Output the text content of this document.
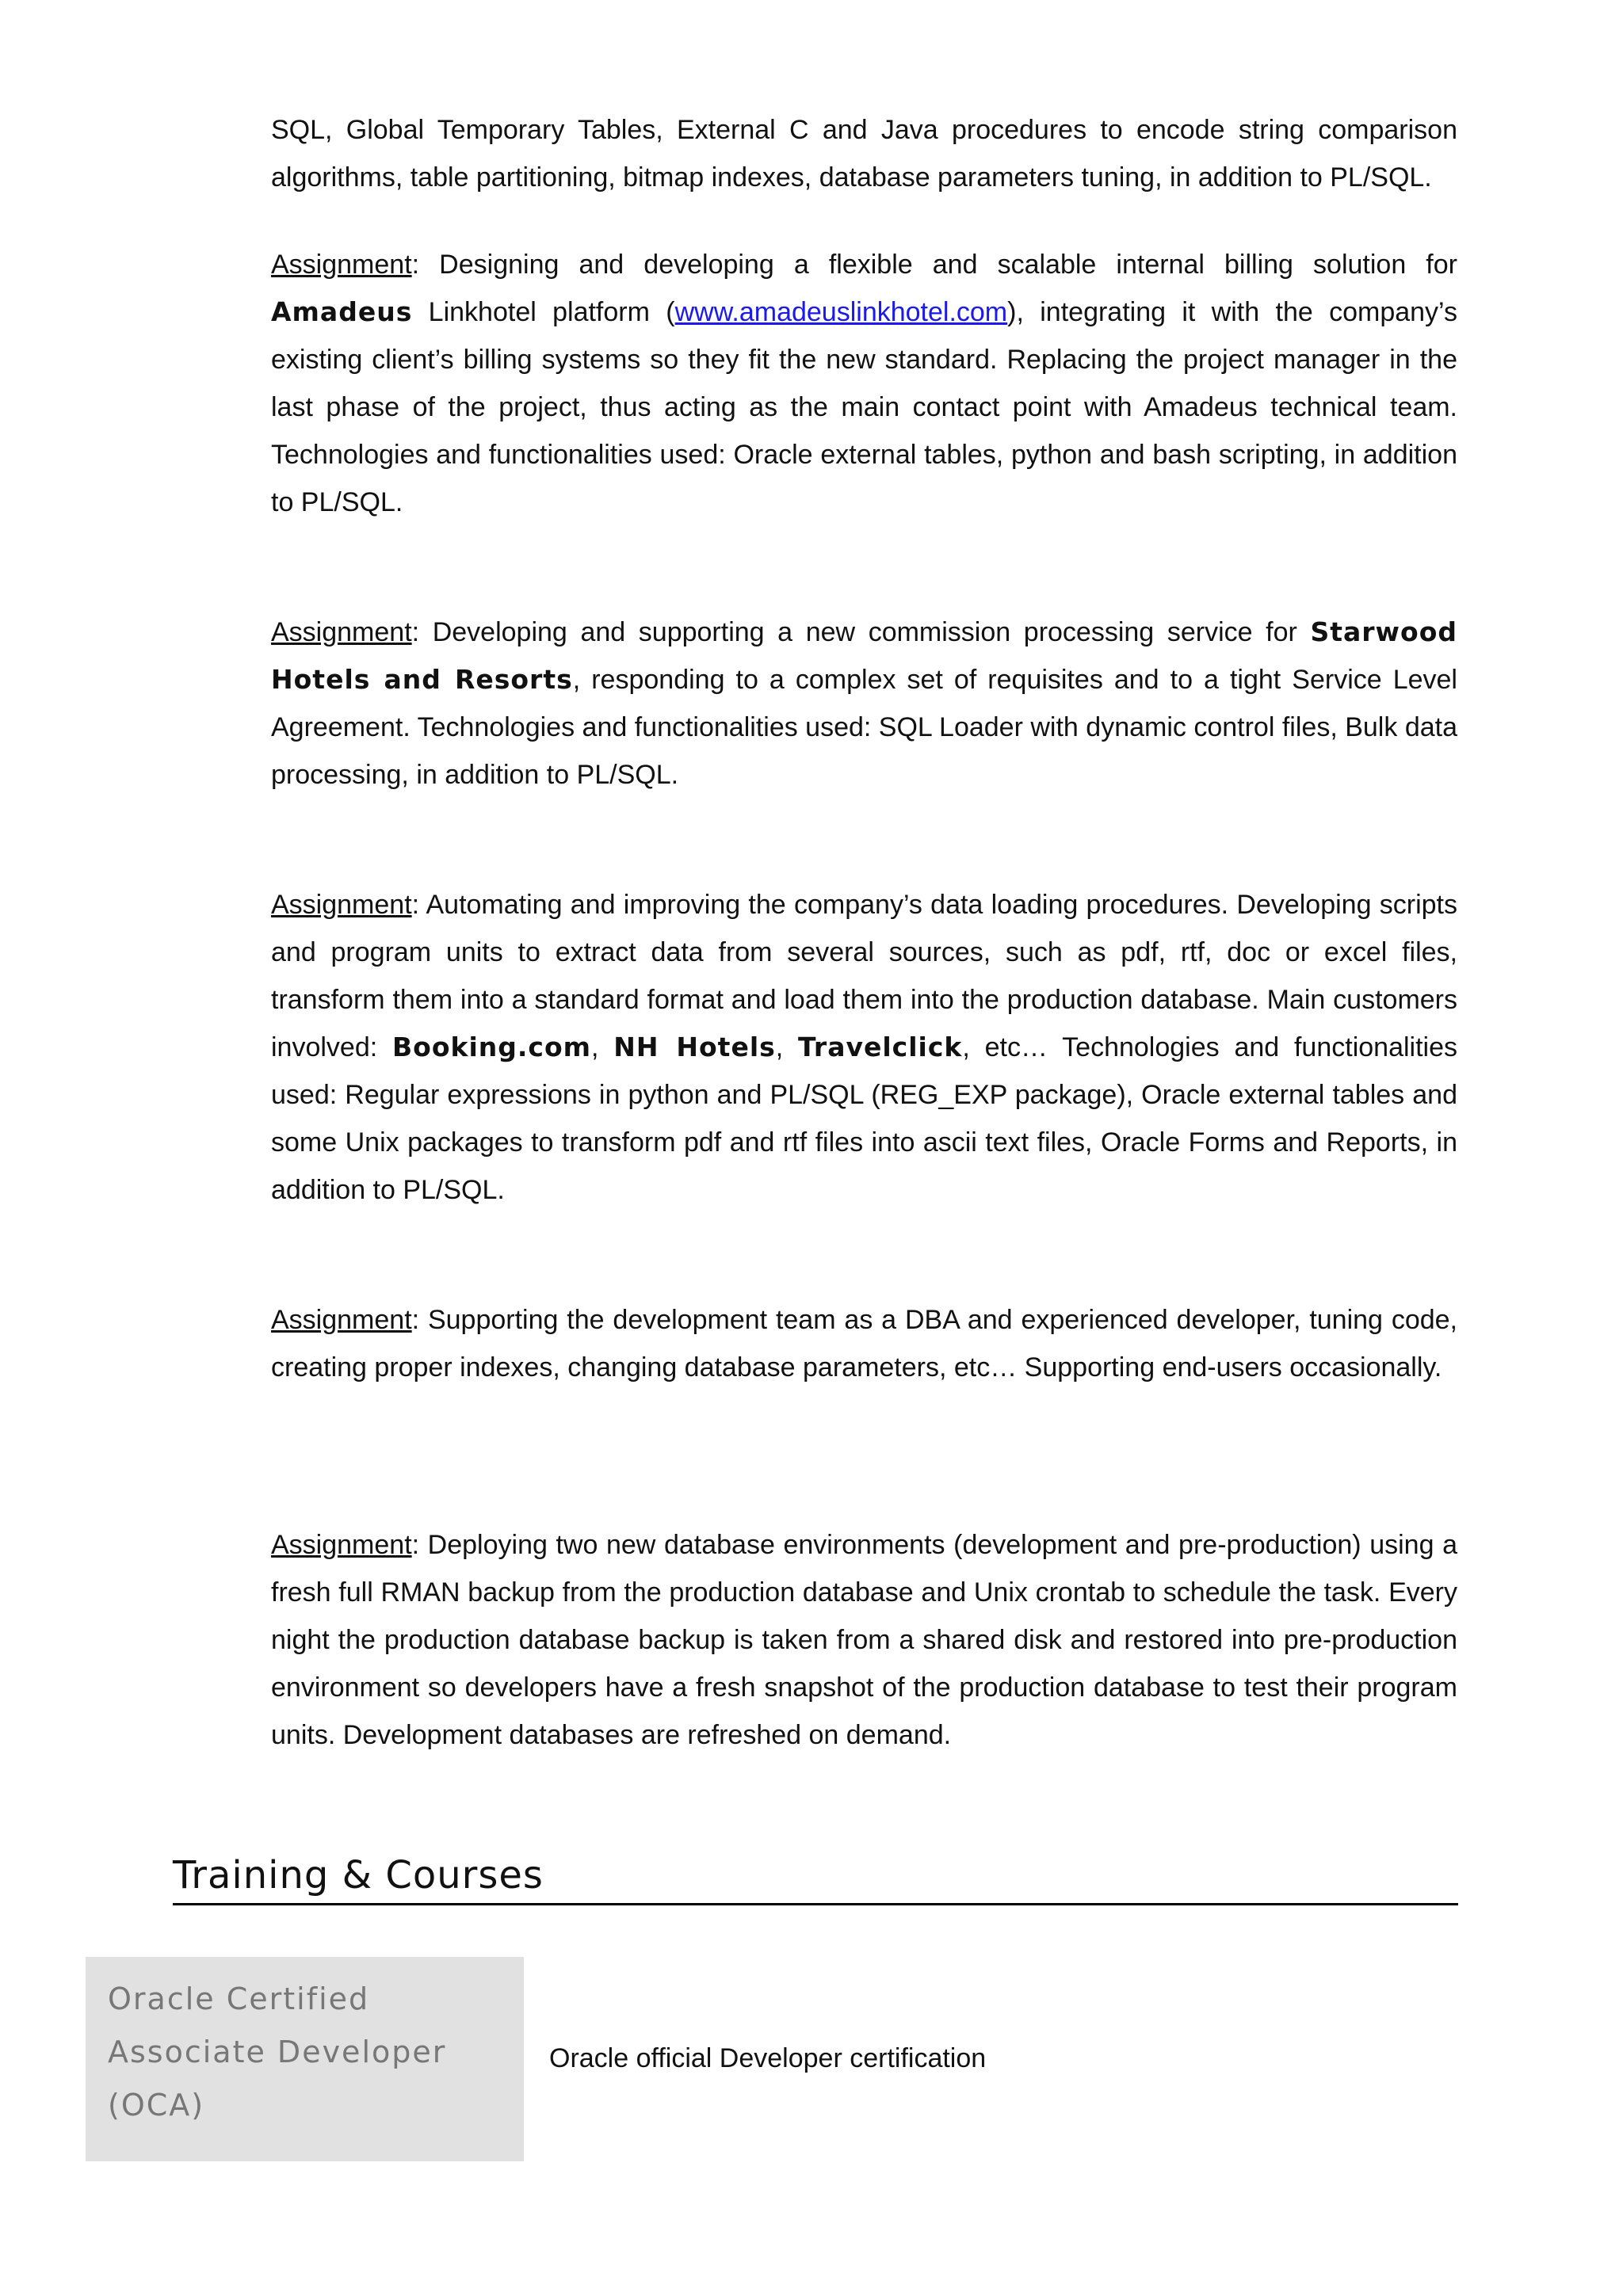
SQL, Global Temporary Tables, External C and Java procedures to encode string comparison algorithms, table partitioning, bitmap indexes, database parameters tuning, in addition to PL/SQL.

Assignment: Designing and developing a flexible and scalable internal billing solution for Amadeus Linkhotel platform (www.amadeuslinkhotel.com), integrating it with the company’s existing client’s billing systems so they fit the new standard. Replacing the project manager in the last phase of the project, thus acting as the main contact point with Amadeus technical team. Technologies and functionalities used: Oracle external tables, python and bash scripting, in addition to PL/SQL.

Assignment: Developing and supporting a new commission processing service for Starwood Hotels and Resorts, responding to a complex set of requisites and to a tight Service Level Agreement. Technologies and functionalities used: SQL Loader with dynamic control files, Bulk data processing, in addition to PL/SQL.

Assignment: Automating and improving the company’s data loading procedures. Developing scripts and program units to extract data from several sources, such as pdf, rtf, doc or excel files, transform them into a standard format and load them into the production database. Main customers involved: Booking.com, NH Hotels, Travelclick, etc… Technologies and functionalities used: Regular expressions in python and PL/SQL (REG_EXP package), Oracle external tables and some Unix packages to transform pdf and rtf files into ascii text files, Oracle Forms and Reports, in addition to PL/SQL.

Assignment: Supporting the development team as a DBA and experienced developer, tuning code, creating proper indexes, changing database parameters, etc… Supporting end-users occasionally.

Assignment: Deploying two new database environments (development and pre-production) using a fresh full RMAN backup from the production database and Unix crontab to schedule the task. Every night the production database backup is taken from a shared disk and restored into pre-production environment so developers have a fresh snapshot of the production database to test their program units. Development databases are refreshed on demand.

Training & Courses
Oracle Certified
Associate Developer
(OCA)
Oracle official Developer certification
